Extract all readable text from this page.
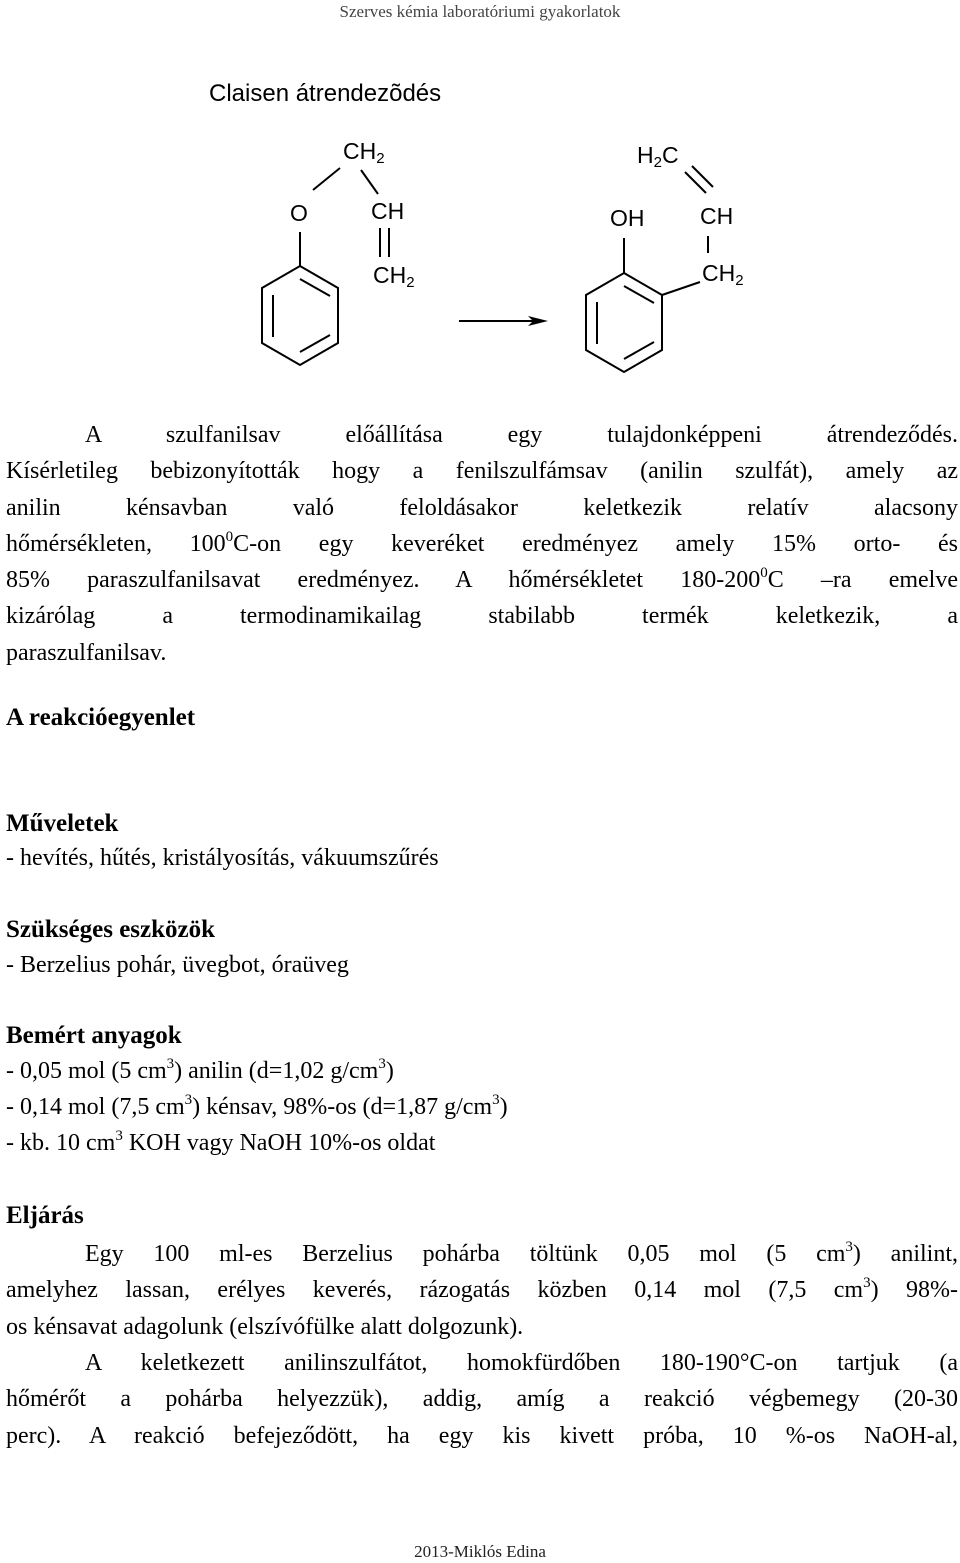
Szerves kémia laboratóriumi gyakorlatok
Claisen átrendezõdés
O
$CH_2$
CH
$CH_2$
$H_2C$
OH CH
$CH_2$
A szulfanilsav előállítása egy tulajdonképpeni átrendeződés.
Kísérletileg bebizonyították hogy a fenilszulfámsav (anilin szulfát), amely az
anilin kénsavban való feloldásakor keletkezik relatív alacsony
hőmérsékleten, $100^0C-on$ egy keveréket eredményez amely 15% orto- és
85% paraszulfanilsavat eredményez. A hőmérsékletet $180-200^0C$ –ra emelve
kizárólag a termodinamikailag stabilabb termék keletkezik, a
paraszulfanilsav.
A reakcióegyenlet
Műveletek
- hevítés, hűtés, kristályosítás, vákuumszűrés
Szükséges eszközök
- Berzelius pohár, üvegbot, óraüveg
Bemért anyagok
- 0,05 mol (5 $cm^3$) anilin (d=1,02 $g/cm^3$)
- 0,14 mol (7,5 $cm^3$) kénsav, 98%-os (d=1,87 $g/cm^3$)
- kb. 10 $cm^3$ KOH vagy NaOH 10%-os oldat
Eljárás
Egy 100 ml-es Berzelius pohárba töltünk 0,05 mol (5 $cm^3$) anilint,
amelyhez lassan, erélyes keverés, rázogatás közben 0,14 mol (7,5 $cm^3$) 98%-
os kénsavat adagolunk (elszívófülke alatt dolgozunk).
A keletkezett anilinszulfátot, homokfürdőben 180-190°C-on tartjuk (a
hőmérőt a pohárba helyezzük), addig, amíg a reakció végbemegy (20-30
perc). A reakció befejeződött, ha egy kis kivett próba, 10 %-os NaOH-al,
2013-Miklós Edina
